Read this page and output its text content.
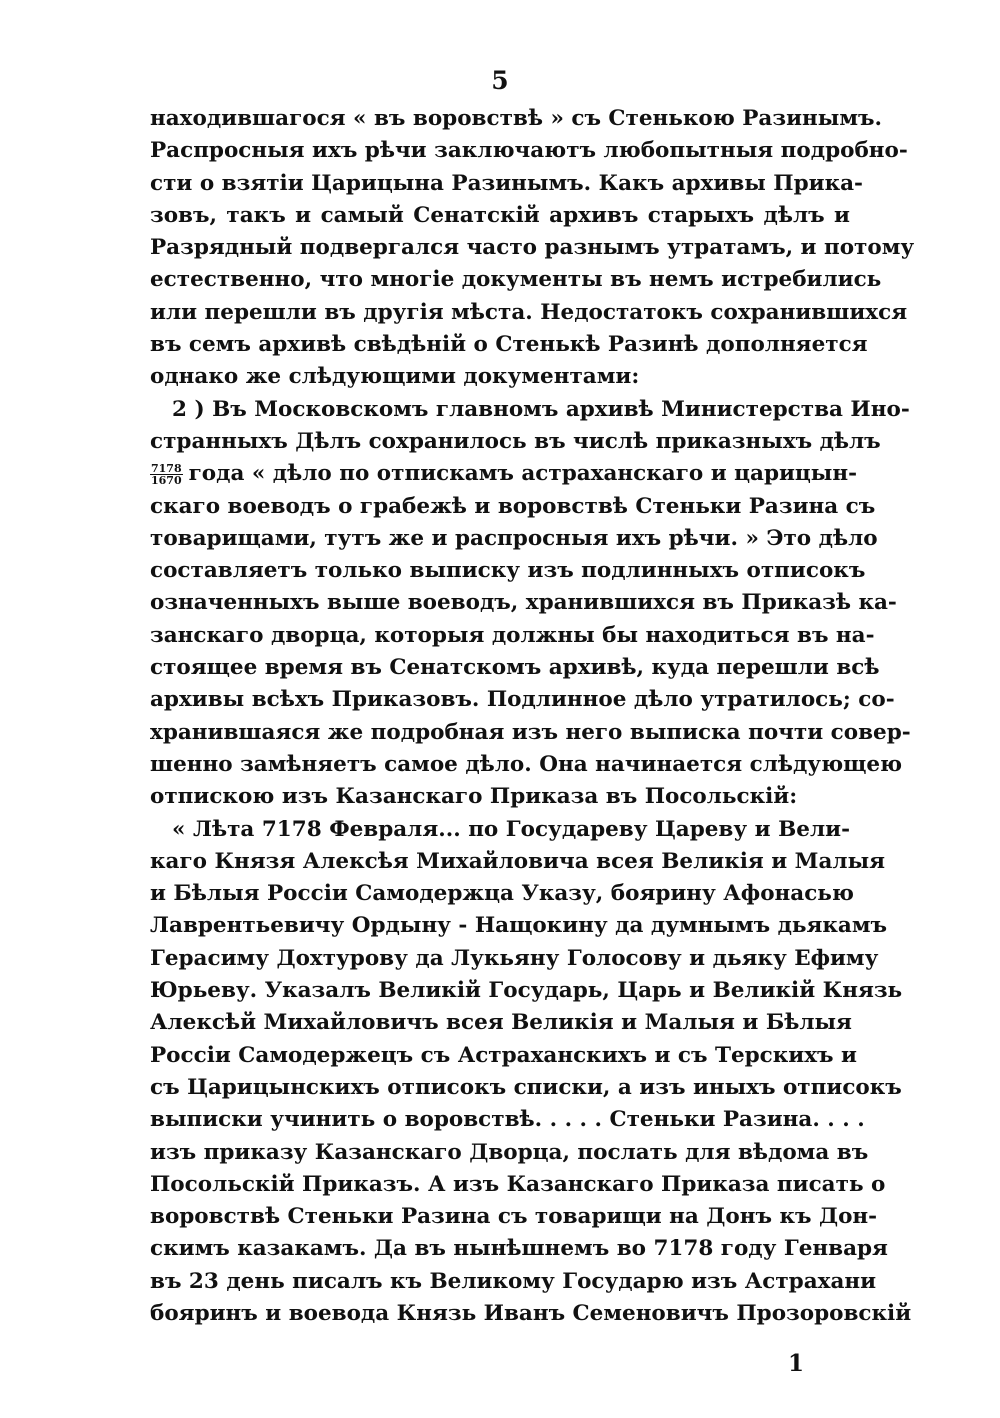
5
находившагося « въ воровствѣ » съ Стенькою Разинымъ.
Распросныя ихъ рѣчи заключаютъ любопытныя подробно-
сти о взятіи Царицына Разинымъ. Какъ архивы Прика-
зовъ, такъ и самый Сенатскій архивъ старыхъ дѣлъ и
Разрядный подвергался часто разнымъ утратамъ, и потому
естественно, что многіе документы въ немъ истребились
или перешли въ другія мѣста. Недостатокъ сохранившихся
въ семъ архивѣ свѣдѣній о Стенькѣ Разинѣ дополняется
однако же слѣдующими документами:
2 ) Въ Московскомъ главномъ архивѣ Министерства Ино-
странныхъ Дѣлъ сохранилось въ числѣ приказныхъ дѣлъ
$\frac{7178}{1670}$ года « дѣло по отпискамъ астраханскаго и царицын-
скаго воеводъ о грабежѣ и воровствѣ Стеньки Разина съ
товарищами, тутъ же и распросныя ихъ рѣчи. » Это дѣло
составляетъ только выписку изъ подлинныхъ отписокъ
означенныхъ выше воеводъ, хранившихся въ Приказѣ ка-
занскаго дворца, которыя должны бы находиться въ на-
стоящее время въ Сенатскомъ архивѣ, куда перешли всѣ
архивы всѣхъ Приказовъ. Подлинное дѣло утратилось; со-
хранившаяся же подробная изъ него выписка почти совер-
шенно замѣняетъ самое дѣло. Она начинается слѣдующею
отпискою изъ Казанскаго Приказа въ Посольскій:
« Лѣта 7178 Февраля... по Государеву Цареву и Вели-
каго Князя Алексѣя Михайловича всея Великія и Малыя
и Бѣлыя Россіи Самодержца Указу, боярину Афонасью
Лаврентьевичу Ордыну - Нащокину да думнымъ дьякамъ
Герасиму Дохтурову да Лукьяну Голосову и дьяку Ефиму
Юрьеву. Указалъ Великій Государь, Царь и Великій Князь
Алексѣй Михайловичъ всея Великія и Малыя и Бѣлыя
Россіи Самодержецъ съ Астраханскихъ и съ Терскихъ и
съ Царицынскихъ отписокъ списки, а изъ иныхъ отписокъ
выписки учинить о воровствѣ. . . . . Стеньки Разина. . . .
изъ приказу Казанскаго Дворца, послать для вѣдома въ
Посольскій Приказъ. А изъ Казанскаго Приказа писать о
воровствѣ Стеньки Разина съ товарищи на Донъ къ Дон-
скимъ казакамъ. Да въ нынѣшнемъ во 7178 году Генваря
въ 23 день писалъ къ Великому Государю изъ Астрахани
бояринъ и воевода Князь Иванъ Семеновичъ Прозоровскій
1
